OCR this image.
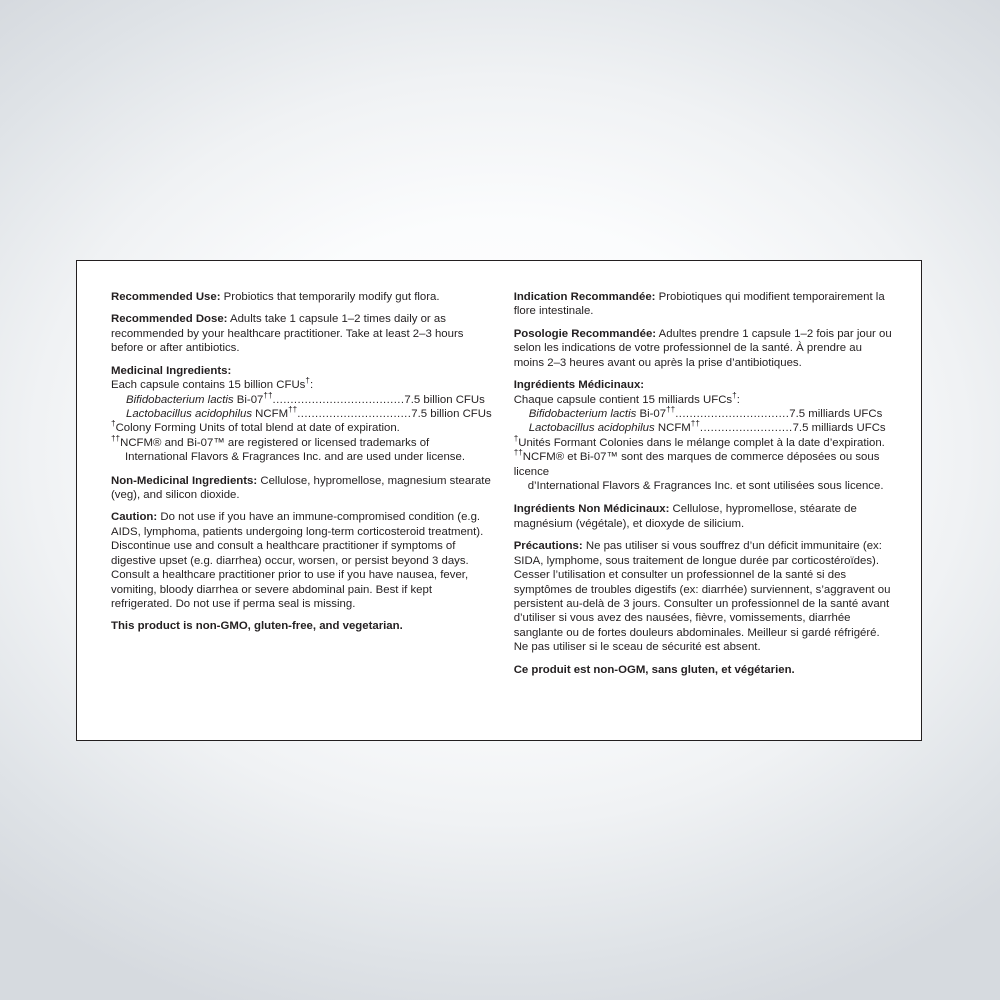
Recommended Use: Probiotics that temporarily modify gut flora.

Recommended Dose: Adults take 1 capsule 1–2 times daily or as recommended by your healthcare practitioner. Take at least 2–3 hours before or after antibiotics.

Medicinal Ingredients:

Each capsule contains 15 billion CFUs†:

Bifidobacterium lactis Bi-07††.....................................7.5 billion CFUs

Lactobacillus acidophilus NCFM††................................7.5 billion CFUs

†Colony Forming Units of total blend at date of expiration.

††NCFM® and Bi-07™ are registered or licensed trademarks of

International Flavors & Fragrances Inc. and are used under license.

Non-Medicinal Ingredients: Cellulose, hypromellose, magnesium stearate (veg), and silicon dioxide.

Caution: Do not use if you have an immune-compromised condition (e.g. AIDS, lymphoma, patients undergoing long-term corticosteroid treatment). Discontinue use and consult a healthcare practitioner if symptoms of digestive upset (e.g. diarrhea) occur, worsen, or persist beyond 3 days. Consult a healthcare practitioner prior to use if you have nausea, fever, vomiting, bloody diarrhea or severe abdominal pain. Best if kept refrigerated. Do not use if perma seal is missing.

This product is non-GMO, gluten-free, and vegetarian.

Indication Recommandée: Probiotiques qui modifient temporairement la flore intestinale.

Posologie Recommandée: Adultes prendre 1 capsule 1–2 fois par jour ou selon les indications de votre professionnel de la santé. À prendre au moins 2–3 heures avant ou après la prise d’antibiotiques.

Ingrédients Médicinaux:

Chaque capsule contient 15 milliards UFCs†:

Bifidobacterium lactis Bi-07††................................7.5 milliards UFCs

Lactobacillus acidophilus NCFM††..........................7.5 milliards UFCs

†Unités Formant Colonies dans le mélange complet à la date d’expiration.

††NCFM® et Bi-07™ sont des marques de commerce déposées ou sous licence

d’International Flavors & Fragrances Inc. et sont utilisées sous licence.

Ingrédients Non Médicinaux: Cellulose, hypromellose, stéarate de magnésium (végétale), et dioxyde de silicium.

Précautions: Ne pas utiliser si vous souffrez d’un déficit immunitaire (ex: SIDA, lymphome, sous traitement de longue durée par corticostéroïdes). Cesser l’utilisation et consulter un professionnel de la santé si des symptômes de troubles digestifs (ex: diarrhée) surviennent, s’aggravent ou persistent au-delà de 3 jours. Consulter un professionnel de la santé avant d’utiliser si vous avez des nausées, fièvre, vomissements, diarrhée sanglante ou de fortes douleurs abdominales. Meilleur si gardé réfrigéré. Ne pas utiliser si le sceau de sécurité est absent.

Ce produit est non-OGM, sans gluten, et végétarien.
